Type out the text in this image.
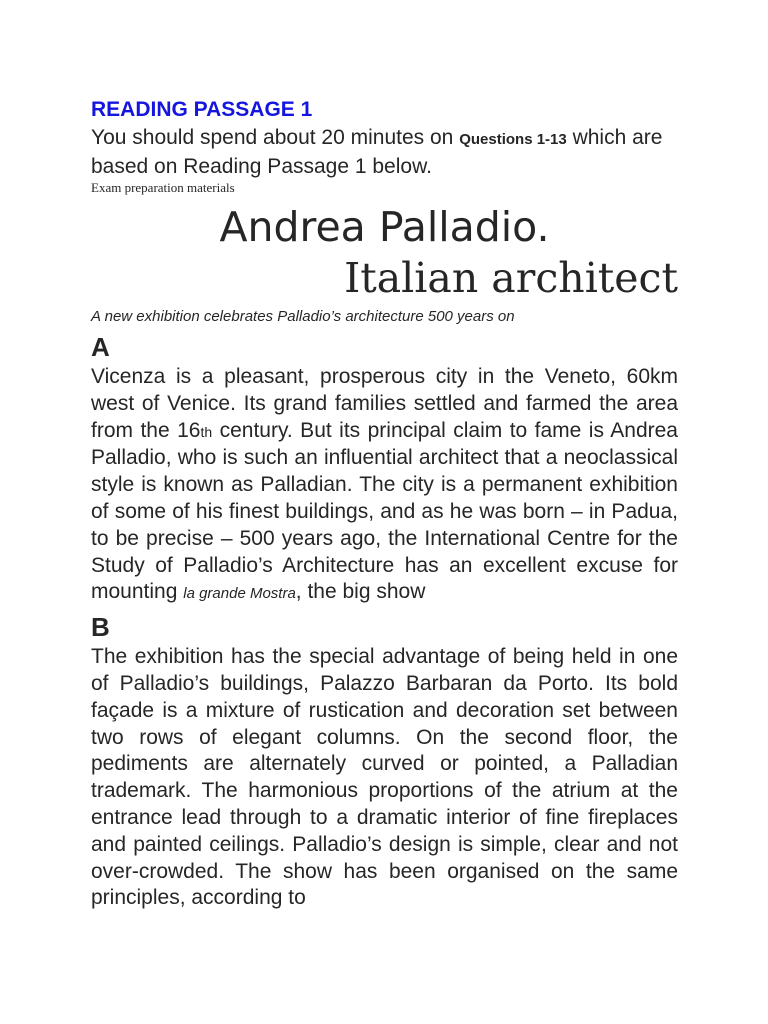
READING PASSAGE 1

You should spend about 20 minutes on Questions 1-13 which are based on Reading Passage 1 below.

Exam preparation materials

Andrea Palladio.
Italian architect

A new exhibition celebrates Palladio’s architecture 500 years on

A

Vicenza is a pleasant, prosperous city in the Veneto, 60km west of Venice. Its grand families settled and farmed the area from the 16th century. But its principal claim to fame is Andrea Palladio, who is such an influential architect that a neoclassical style is known as Palladian. The city is a permanent exhibition of some of his finest buildings, and as he was born – in Padua, to be precise – 500 years ago, the International Centre for the Study of Palladio’s Architecture has an excellent excuse for mounting la grande Mostra, the big show

B

The exhibition has the special advantage of being held in one of Palladio’s buildings, Palazzo Barbaran da Porto. Its bold façade is a mixture of rustication and decoration set between two rows of elegant columns. On the second floor, the pediments are alternately curved or pointed, a Palladian trademark. The harmonious proportions of the atrium at the entrance lead through to a dramatic interior of fine fireplaces and painted ceilings. Palladio’s design is simple, clear and not over-crowded. The show has been organised on the same principles, according to
